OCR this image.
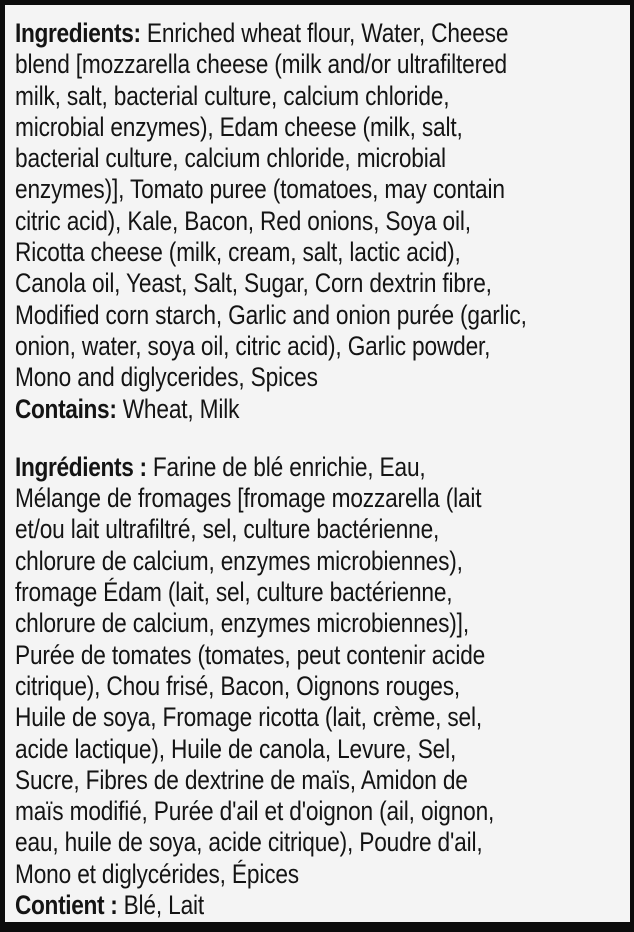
Ingredients: Enriched wheat flour, Water, Cheese
blend [mozzarella cheese (milk and/or ultrafiltered
milk, salt, bacterial culture, calcium chloride,
microbial enzymes), Edam cheese (milk, salt,
bacterial culture, calcium chloride, microbial
enzymes)], Tomato puree (tomatoes, may contain
citric acid), Kale, Bacon, Red onions, Soya oil,
Ricotta cheese (milk, cream, salt, lactic acid),
Canola oil, Yeast, Salt, Sugar, Corn dextrin fibre,
Modified corn starch, Garlic and onion purée (garlic,
onion, water, soya oil, citric acid), Garlic powder,
Mono and diglycerides, Spices
Contains: Wheat, Milk
Ingrédients : Farine de blé enrichie, Eau,
Mélange de fromages [fromage mozzarella (lait
et/ou lait ultrafiltré, sel, culture bactérienne,
chlorure de calcium, enzymes microbiennes),
fromage Édam (lait, sel, culture bactérienne,
chlorure de calcium, enzymes microbiennes)],
Purée de tomates (tomates, peut contenir acide
citrique), Chou frisé, Bacon, Oignons rouges,
Huile de soya, Fromage ricotta (lait, crème, sel,
acide lactique), Huile de canola, Levure, Sel,
Sucre, Fibres de dextrine de maïs, Amidon de
maïs modifié, Purée d'ail et d'oignon (ail, oignon,
eau, huile de soya, acide citrique), Poudre d'ail,
Mono et diglycérides, Épices
Contient : Blé, Lait
